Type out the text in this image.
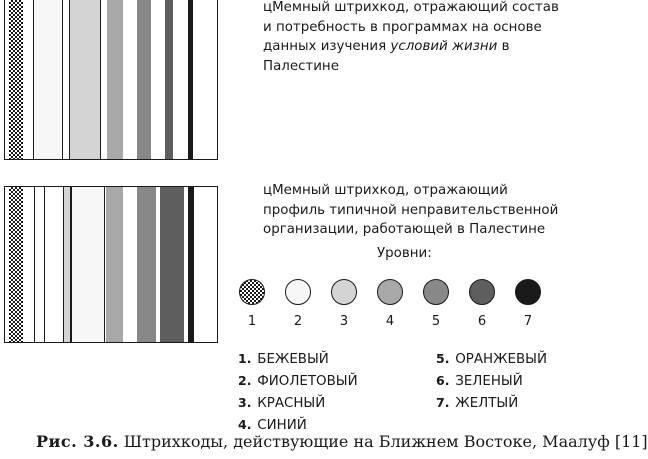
цМемный штрихкод, отражающий состав и потребность в программах на основе данных изучения условий жизни в Палестине
цМемный штрихкод, отражающий профиль типичной неправительственной организации, работающей в Палестине
Уровни:
1	2	3	4	5	6	7
1. БЕЖЕВЫЙ
2. ФИОЛЕТОВЫЙ
3. КРАСНЫЙ
4. СИНИЙ
5. ОРАНЖЕВЫЙ
6. ЗЕЛЕНЫЙ
7. ЖЕЛТЫЙ
Рис. 3.6. Штрихкоды, действующие на Ближнем Востоке, Маалуф [11]
